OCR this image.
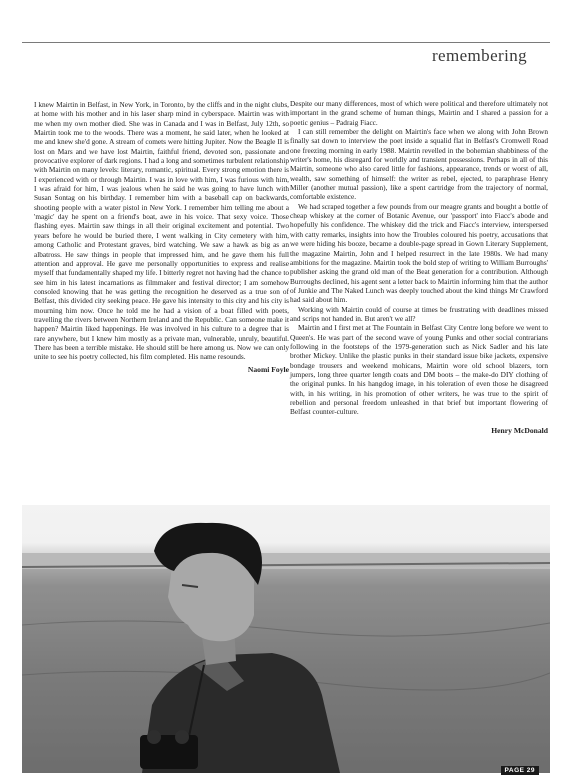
remembering

I knew Mairtin in Belfast, in New York, in Toronto, by the cliffs and in the night clubs, at home with his mother and in his laser sharp mind in cyberspace. Mairtin was with me when my own mother died. She was in Canada and I was in Belfast, July 12th, so Mairtin took me to the woods. There was a moment, he said later, when he looked at me and knew she'd gone. A stream of comets were hitting Jupiter. Now the Beagle II is lost on Mars and we have lost Mairtin, faithful friend, devoted son, passionate and provocative explorer of dark regions. I had a long and sometimes turbulent relationship with Mairtin on many levels: literary, romantic, spiritual. Every strong emotion there is I experienced with or through Mairtin. I was in love with him, I was furious with him, I was afraid for him, I was jealous when he said he was going to have lunch with Susan Sontag on his birthday. I remember him with a baseball cap on backwards, shooting people with a water pistol in New York. I remember him telling me about a 'magic' day he spent on a friend's boat, awe in his voice. That sexy voice. Those flashing eyes. Mairtin saw things in all their original excitement and potential. Two years before he would be buried there, I went walking in City cemetery with him, among Catholic and Protestant graves, bird watching. We saw a hawk as big as an albatross. He saw things in people that impressed him, and he gave them his full attention and approval. He gave me personally opportunities to express and realise myself that fundamentally shaped my life. I bitterly regret not having had the chance to see him in his latest incarnations as filmmaker and festival director; I am somehow consoled knowing that he was getting the recognition he deserved as a true son of Belfast, this divided city seeking peace. He gave his intensity to this city and his city is mourning him now. Once he told me he had a vision of a boat filled with poets, travelling the rivers between Northern Ireland and the Republic. Can someone make it happen? Mairtin liked happenings. He was involved in his culture to a degree that is rare anywhere, but I knew him mostly as a private man, vulnerable, unruly, beautiful. There has been a terrible mistake. He should still be here among us. Now we can only unite to see his poetry collected, his film completed. His name resounds.

Naomi Foyle

Despite our many differences, most of which were political and therefore ultimately not important in the grand scheme of human things, Mairtin and I shared a passion for a poetic genius – Padraig Fiacc.

I can still remember the delight on Mairtin's face when we along with John Brown finally sat down to interview the poet inside a squalid flat in Belfast's Cromwell Road one freezing morning in early 1988. Mairtin revelled in the bohemian shabbiness of the writer's home, his disregard for worldly and transient possessions. Perhaps in all of this Mairtin, someone who also cared little for fashions, appearance, trends or worst of all, wealth, saw something of himself: the writer as rebel, ejected, to paraphrase Henry Miller (another mutual passion), like a spent cartridge from the trajectory of normal, comfortable existence.

We had scraped together a few pounds from our meagre grants and bought a bottle of cheap whiskey at the corner of Botanic Avenue, our 'passport' into Fiacc's abode and hopefully his confidence. The whiskey did the trick and Fiacc's interview, interspersed with catty remarks, insights into how the Troubles coloured his poetry, accusations that we were hiding his booze, became a double-page spread in Gown Literary Supplement, the magazine Mairtin, John and I helped resurrect in the late 1980s. We had many ambitions for the magazine. Mairtin took the bold step of writing to William Burroughs' publisher asking the grand old man of the Beat generation for a contribution. Although Burroughs declined, his agent sent a letter back to Mairtin informing him that the author of Junkie and The Naked Lunch was deeply touched about the kind things Mr Crawford had said about him.

Working with Mairtin could of course at times be frustrating with deadlines missed and scrips not handed in. But aren't we all?

Mairtin and I first met at The Fountain in Belfast City Centre long before we went to Queen's. He was part of the second wave of young Punks and other social contrarians following in the footsteps of the 1979-generation such as Nick Sadler and his late brother Mickey. Unlike the plastic punks in their standard issue bike jackets, expensive bondage trousers and weekend mohicans, Mairtin wore old school blazers, torn jumpers, long three quarter length coats and DM boots – the make-do DIY clothing of the original punks. In his hangdog image, in his toleration of even those he disagreed with, in his writing, in his promotion of other writers, he was true to the spirit of rebellion and personal freedom unleashed in that brief but important flowering of Belfast counter-culture.

Henry McDonald
PAGE 29
